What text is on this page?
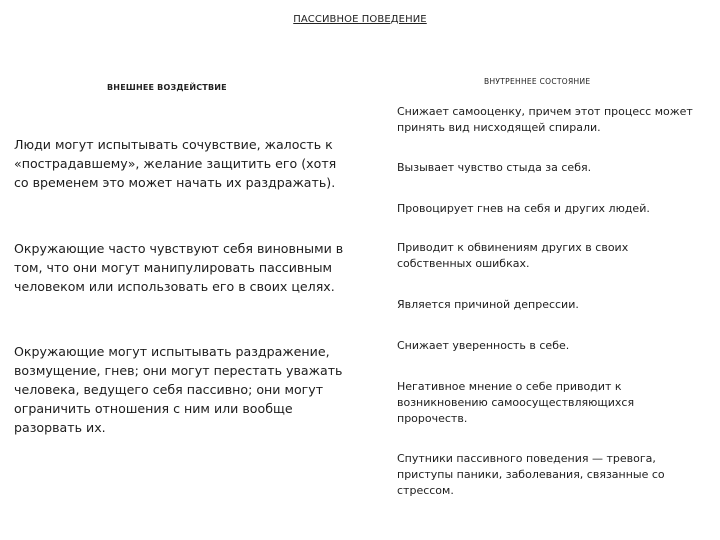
ПАССИВНОЕ ПОВЕДЕНИЕ
ВНЕШНЕЕ ВОЗДЕЙСТВИЕ
ВНУТРЕННЕЕ СОСТОЯНИЕ
Люди могут испытывать сочувствие, жалость к «пострадавшему», желание защитить его (хотя со временем это может начать их раздражать).
Окружающие часто чувствуют себя виновными в том, что они могут манипулировать пассивным человеком или использовать его в своих целях.
Окружающие могут испытывать раздражение, возмущение, гнев; они могут перестать уважать человека, ведущего себя пассивно; они могут ограничить отношения с ним или вообще разорвать их.
Снижает самооценку, причем этот процесс может принять вид нисходящей спирали.
Вызывает чувство стыда за себя.
Провоцирует гнев на себя и других людей.
Приводит к обвинениям других в своих собственных ошибках.
Является причиной депрессии.
Снижает уверенность в себе.
Негативное мнение о себе приводит к возникновению самоосуществляющихся пророчеств.
Спутники пассивного поведения — тревога, приступы паники, заболевания, связанные со стрессом.
